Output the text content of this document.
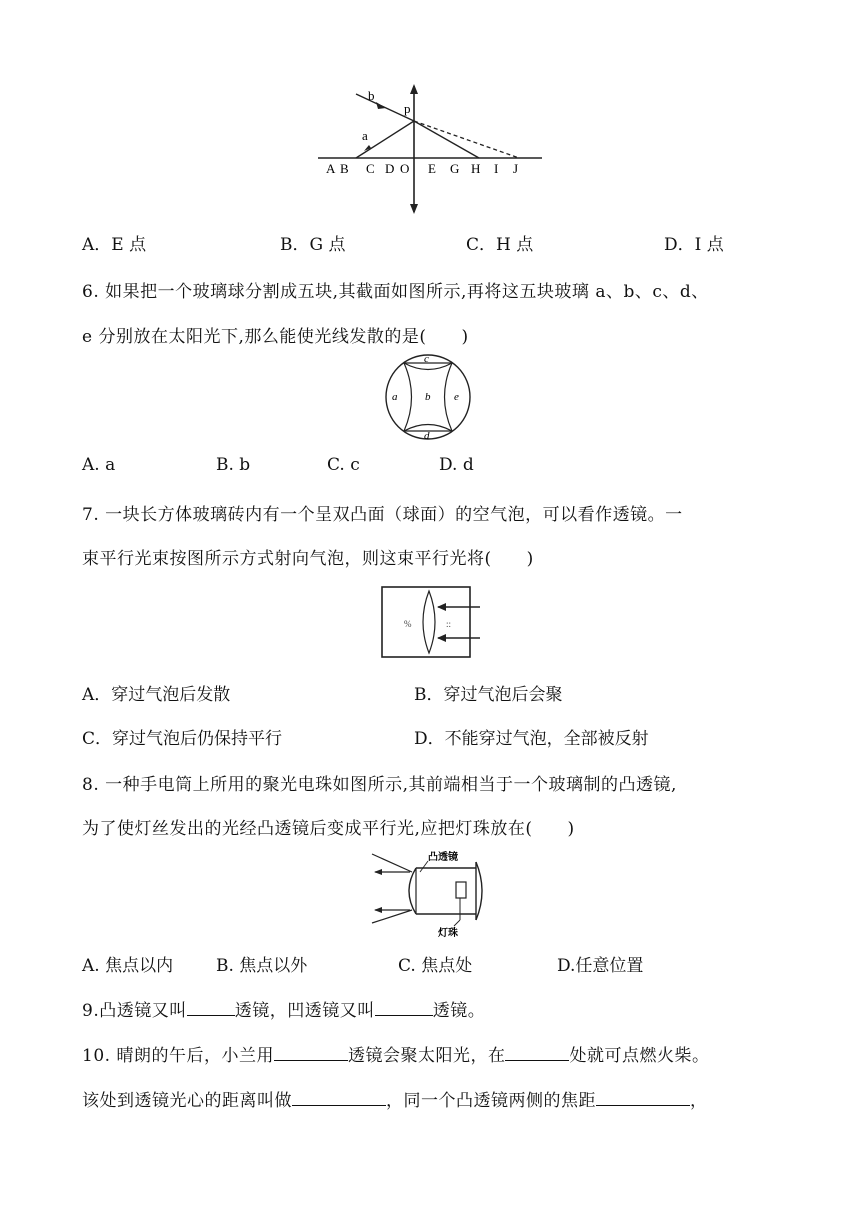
b
a
p
A B C D O E G H I J
A．E 点	B．G 点	C．H 点	D．I 点
6. 如果把一个玻璃球分割成五块,其截面如图所示,再将这五块玻璃 a、b、c、d、
e 分别放在太阳光下,那么能使光线发散的是(　　)
c
a	b e
d
A. a	B. b	C. c	D. d
7. 一块长方体玻璃砖内有一个呈双凸面（球面）的空气泡，可以看作透镜。一
束平行光束按图所示方式射向气泡，则这束平行光将(　　)
%	::
A．穿过气泡后发散	B．穿过气泡后会聚
C．穿过气泡后仍保持平行	D．不能穿过气泡，全部被反射
8. 一种手电筒上所用的聚光电珠如图所示,其前端相当于一个玻璃制的凸透镜,
为了使灯丝发出的光经凸透镜后变成平行光,应把灯珠放在(　　)
凸透镜
灯珠
A. 焦点以内	B. 焦点以外	C. 焦点处	D.任意位置
9.凸透镜又叫	透镜，凹透镜又叫	透镜。
10. 晴朗的午后，小兰用	透镜会聚太阳光，在	处就可点燃火柴。
该处到透镜光心的距离叫做	，同一个凸透镜两侧的焦距	，
